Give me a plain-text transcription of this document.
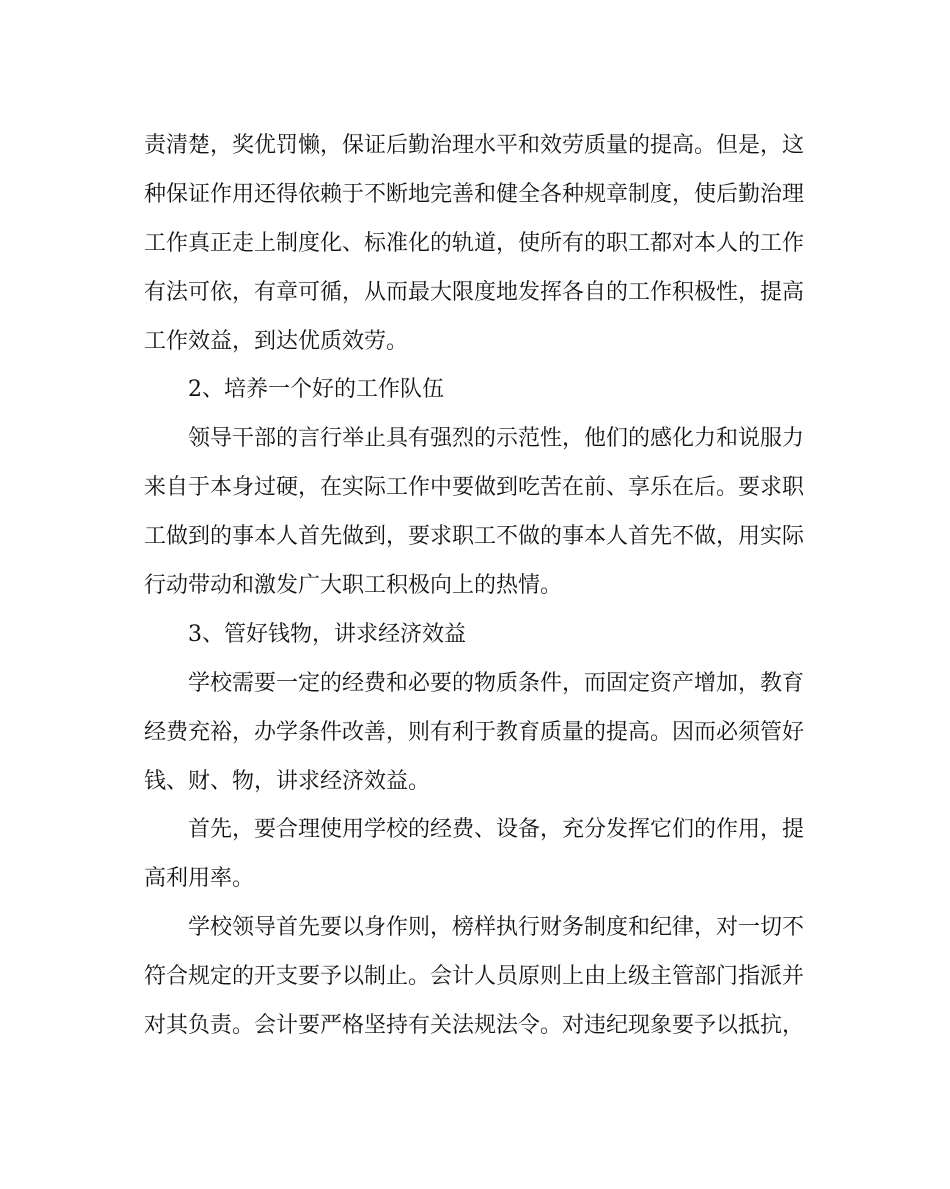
责清楚，奖优罚懒，保证后勤治理水平和效劳质量的提高。但是，这
种保证作用还得依赖于不断地完善和健全各种规章制度，使后勤治理
工作真正走上制度化、标准化的轨道，使所有的职工都对本人的工作
有法可依，有章可循，从而最大限度地发挥各自的工作积极性，提高
工作效益，到达优质效劳。
2、培养一个好的工作队伍
领导干部的言行举止具有强烈的示范性，他们的感化力和说服力
来自于本身过硬，在实际工作中要做到吃苦在前、享乐在后。要求职
工做到的事本人首先做到，要求职工不做的事本人首先不做，用实际
行动带动和激发广大职工积极向上的热情。
3、管好钱物，讲求经济效益
学校需要一定的经费和必要的物质条件，而固定资产增加，教育
经费充裕，办学条件改善，则有利于教育质量的提高。因而必须管好
钱、财、物，讲求经济效益。
首先，要合理使用学校的经费、设备，充分发挥它们的作用，提
高利用率。
学校领导首先要以身作则，榜样执行财务制度和纪律，对一切不
符合规定的开支要予以制止。会计人员原则上由上级主管部门指派并
对其负责。会计要严格坚持有关法规法令。对违纪现象要予以抵抗，
